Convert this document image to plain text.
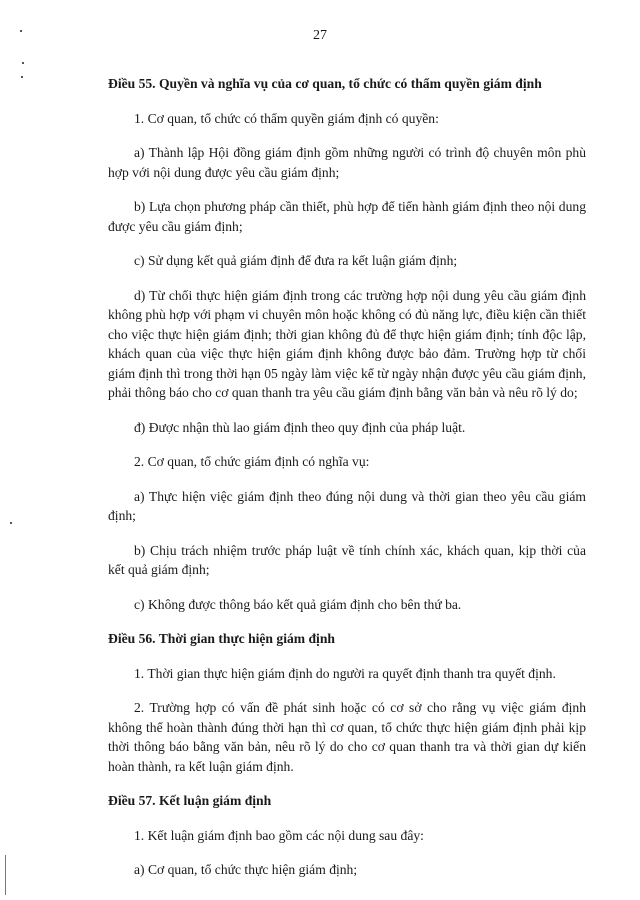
27
Điều 55. Quyền và nghĩa vụ của cơ quan, tổ chức có thẩm quyền giám định

1. Cơ quan, tổ chức có thẩm quyền giám định có quyền:

a) Thành lập Hội đồng giám định gồm những người có trình độ chuyên môn phù hợp với nội dung được yêu cầu giám định;

b) Lựa chọn phương pháp cần thiết, phù hợp để tiến hành giám định theo nội dung được yêu cầu giám định;

c) Sử dụng kết quả giám định để đưa ra kết luận giám định;

d) Từ chối thực hiện giám định trong các trường hợp nội dung yêu cầu giám định không phù hợp với phạm vi chuyên môn hoặc không có đủ năng lực, điều kiện cần thiết cho việc thực hiện giám định; thời gian không đủ để thực hiện giám định; tính độc lập, khách quan của việc thực hiện giám định không được bảo đảm. Trường hợp từ chối giám định thì trong thời hạn 05 ngày làm việc kể từ ngày nhận được yêu cầu giám định, phải thông báo cho cơ quan thanh tra yêu cầu giám định bằng văn bản và nêu rõ lý do;

đ) Được nhận thù lao giám định theo quy định của pháp luật.

2. Cơ quan, tổ chức giám định có nghĩa vụ:

a) Thực hiện việc giám định theo đúng nội dung và thời gian theo yêu cầu giám định;

b) Chịu trách nhiệm trước pháp luật về tính chính xác, khách quan, kịp thời của kết quả giám định;

c) Không được thông báo kết quả giám định cho bên thứ ba.

Điều 56. Thời gian thực hiện giám định

1. Thời gian thực hiện giám định do người ra quyết định thanh tra quyết định.

2. Trường hợp có vấn đề phát sinh hoặc có cơ sở cho rằng vụ việc giám định không thể hoàn thành đúng thời hạn thì cơ quan, tổ chức thực hiện giám định phải kịp thời thông báo bằng văn bản, nêu rõ lý do cho cơ quan thanh tra và thời gian dự kiến hoàn thành, ra kết luận giám định.

Điều 57. Kết luận giám định

1. Kết luận giám định bao gồm các nội dung sau đây:

a) Cơ quan, tổ chức thực hiện giám định;
